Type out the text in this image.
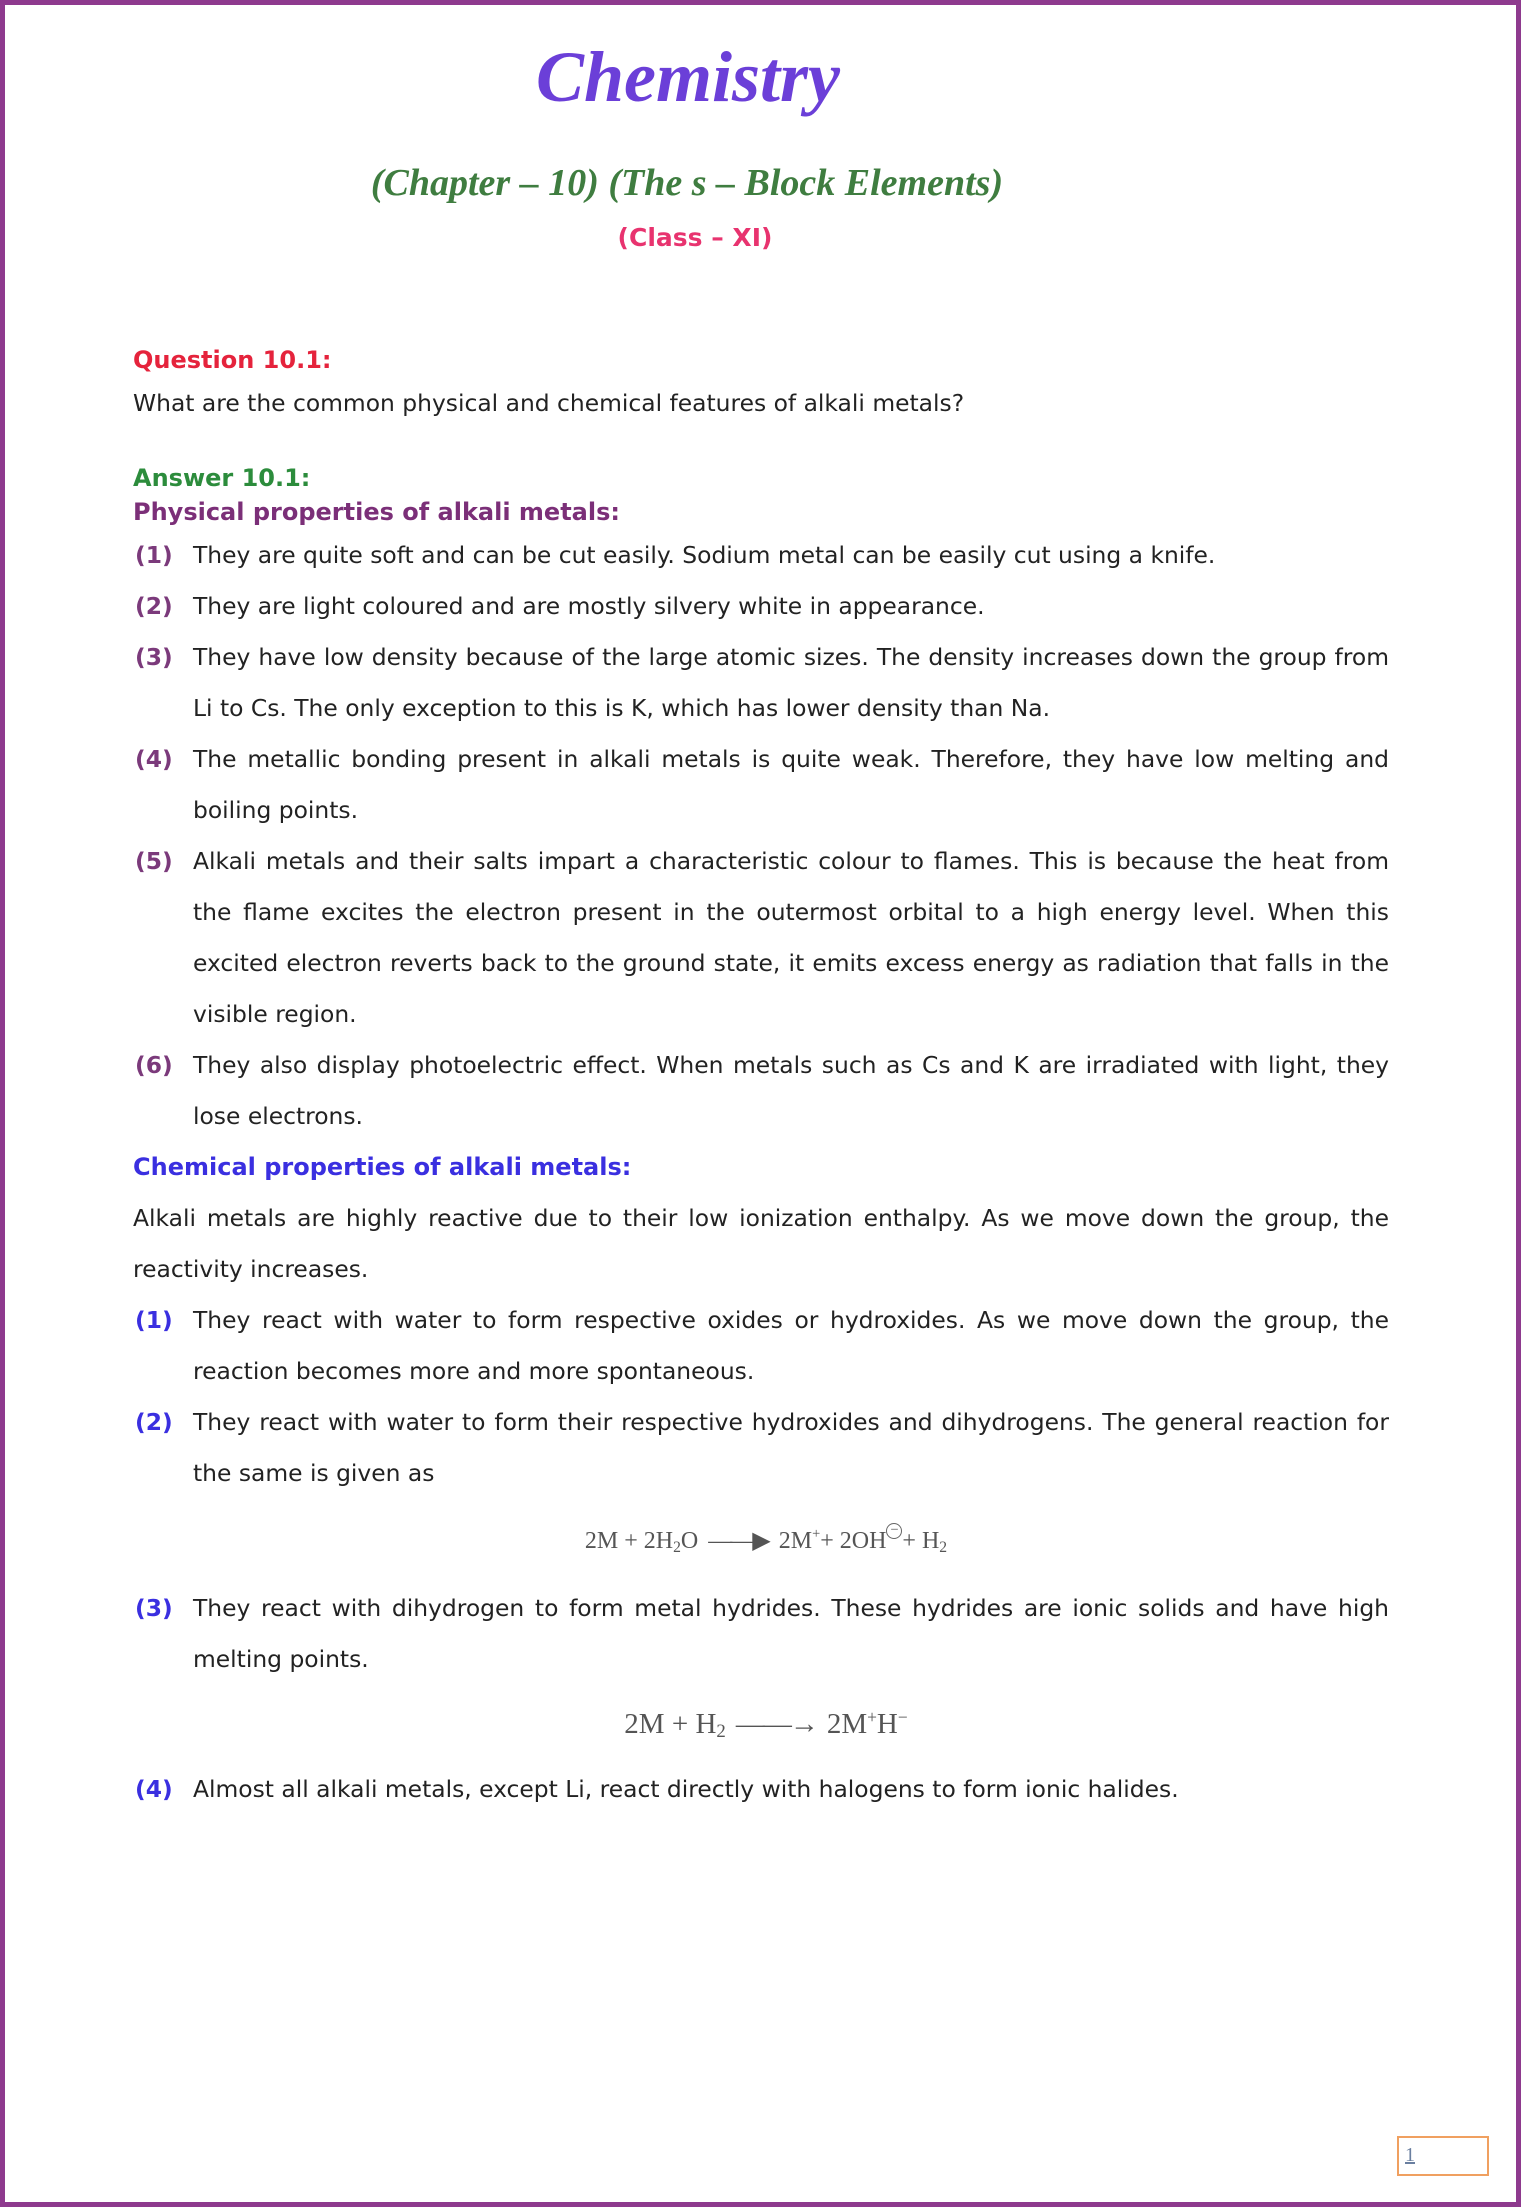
Chemistry
(Chapter – 10) (The s – Block Elements)
(Class – XI)

Question 10.1:

What are the common physical and chemical features of alkali metals?

Answer 10.1:

Physical properties of alkali metals:

(1) They are quite soft and can be cut easily. Sodium metal can be easily cut using a knife.
(2) They are light coloured and are mostly silvery white in appearance.
(3) They have low density because of the large atomic sizes. The density increases down the group from Li to Cs. The only exception to this is K, which has lower density than Na.
(4) The metallic bonding present in alkali metals is quite weak. Therefore, they have low melting and boiling points.
(5) Alkali metals and their salts impart a characteristic colour to flames. This is because the heat from the flame excites the electron present in the outermost orbital to a high energy level. When this excited electron reverts back to the ground state, it emits excess energy as radiation that falls in the visible region.
(6) They also display photoelectric effect. When metals such as Cs and K are irradiated with light, they lose electrons.

Chemical properties of alkali metals:

Alkali metals are highly reactive due to their low ionization enthalpy. As we move down the group, the reactivity increases.

(1) They react with water to form respective oxides or hydroxides. As we move down the group, the reaction becomes more and more spontaneous.
(2) They react with water to form their respective hydroxides and dihydrogens. The general reaction for the same is given as
$2M + 2H_2O$ ——▶ 2M++ 2OH − + $H_2$
(3) They react with dihydrogen to form metal hydrides. These hydrides are ionic solids and have high melting points.
$2M + H_2$ ——→ 2M+H−
(4) Almost all alkali metals, except Li, react directly with halogens to form ionic halides.
1
